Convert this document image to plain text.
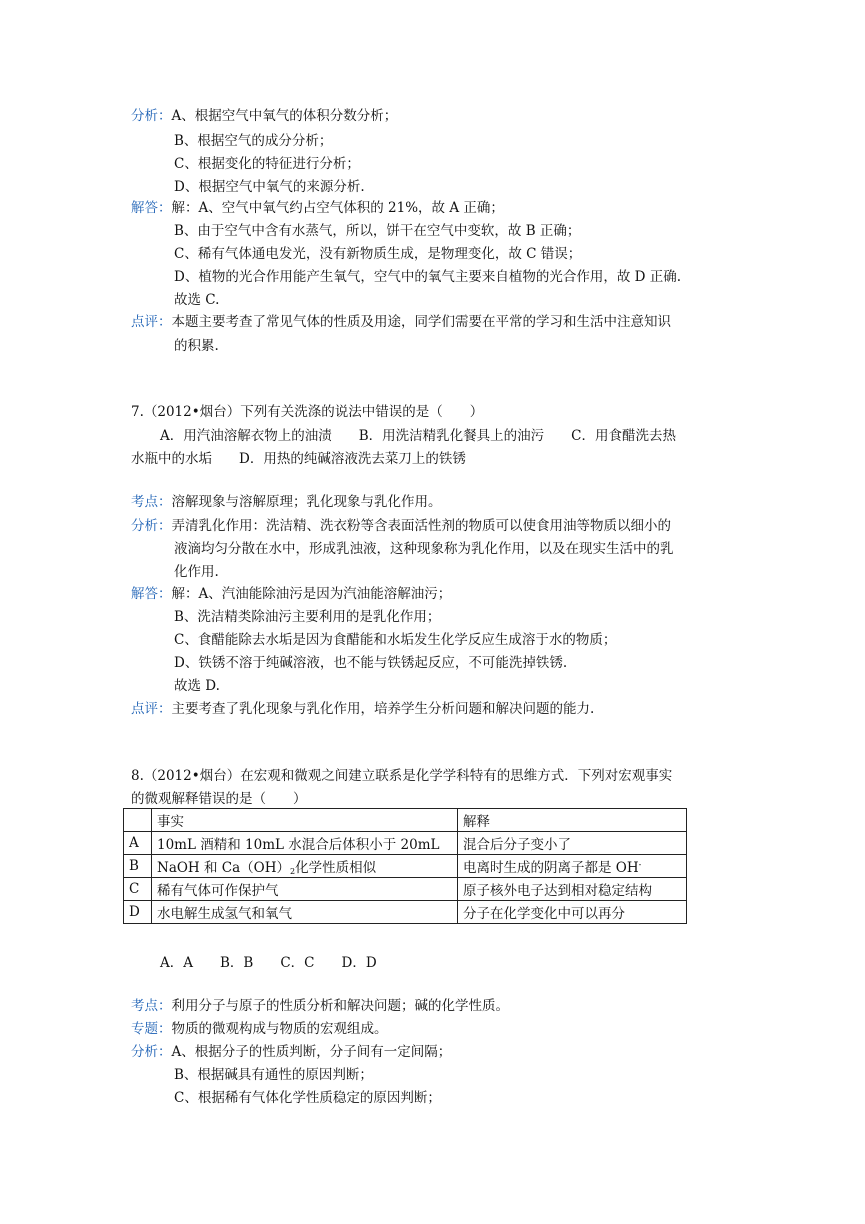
分析：A、根据空气中氧气的体积分数分析；
B、根据空气的成分分析；
C、根据变化的特征进行分析；
D、根据空气中氧气的来源分析.
解答：解：A、空气中氧气约占空气体积的 21%，故 A 正确；
B、由于空气中含有水蒸气，所以，饼干在空气中变软，故 B 正确；
C、稀有气体通电发光，没有新物质生成，是物理变化，故 C 错误；
D、植物的光合作用能产生氧气，空气中的氧气主要来自植物的光合作用，故 D 正确.
故选 C.
点评：本题主要考查了常见气体的性质及用途，同学们需要在平常的学习和生活中注意知识
的积累.
7.（2012•烟台）下列有关洗涤的说法中错误的是（　　）
A．用汽油溶解衣物上的油渍　　B．用洗洁精乳化餐具上的油污　　C．用食醋洗去热
水瓶中的水垢　　D．用热的纯碱溶液洗去菜刀上的铁锈
考点：溶解现象与溶解原理；乳化现象与乳化作用。
分析：弄清乳化作用：洗洁精、洗衣粉等含表面活性剂的物质可以使食用油等物质以细小的
液滴均匀分散在水中，形成乳浊液，这种现象称为乳化作用，以及在现实生活中的乳
化作用.
解答：解：A、汽油能除油污是因为汽油能溶解油污；
B、洗洁精类除油污主要利用的是乳化作用；
C、食醋能除去水垢是因为食醋能和水垢发生化学反应生成溶于水的物质；
D、铁锈不溶于纯碱溶液，也不能与铁锈起反应，不可能洗掉铁锈.
故选 D.
点评：主要考查了乳化现象与乳化作用，培养学生分析问题和解决问题的能力.
8.（2012•烟台）在宏观和微观之间建立联系是化学学科特有的思维方式．下列对宏观事实
的微观解释错误的是（　　）
	事实	解释
A	10mL 酒精和 10mL 水混合后体积小于 20mL	混合后分子变小了
B	NaOH 和 $Ca(OH)_2$化学性质相似	电离时生成的阴离子都是 OH-
C	稀有气体可作保护气	原子核外电子达到相对稳定结构
D	水电解生成氢气和氧气	分子在化学变化中可以再分
A．A　　B．B　　C．C　　D．D
考点：利用分子与原子的性质分析和解决问题；碱的化学性质。
专题：物质的微观构成与物质的宏观组成。
分析：A、根据分子的性质判断，分子间有一定间隔；
B、根据碱具有通性的原因判断；
C、根据稀有气体化学性质稳定的原因判断；
